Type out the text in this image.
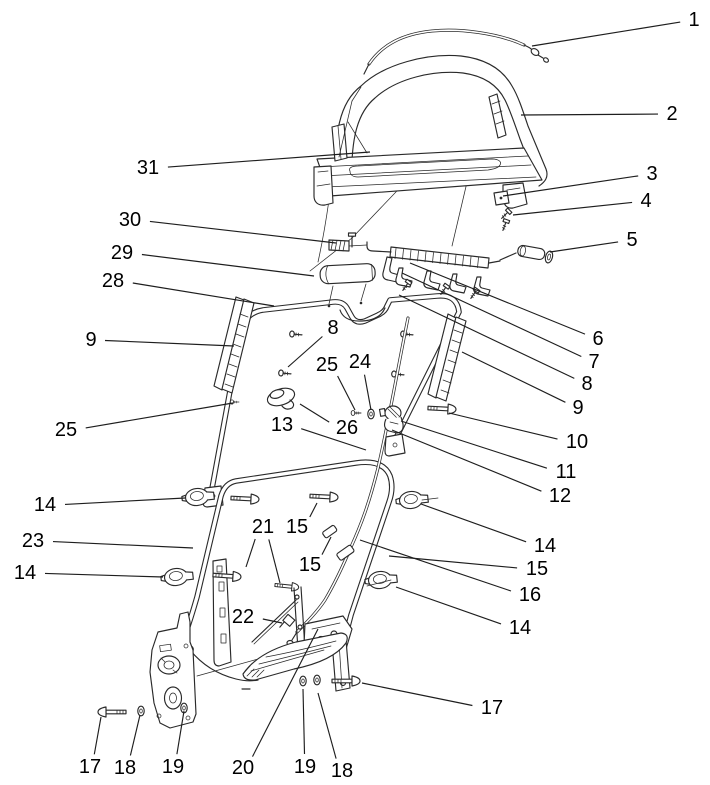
1
2
31	3
4
30
5
29
28
8
9
25 24
6
7
8
9
10
11
12
13 26
25
14
21 15
23
15
14
14
15
16
14
22
17
17 18 19 20 19 18
